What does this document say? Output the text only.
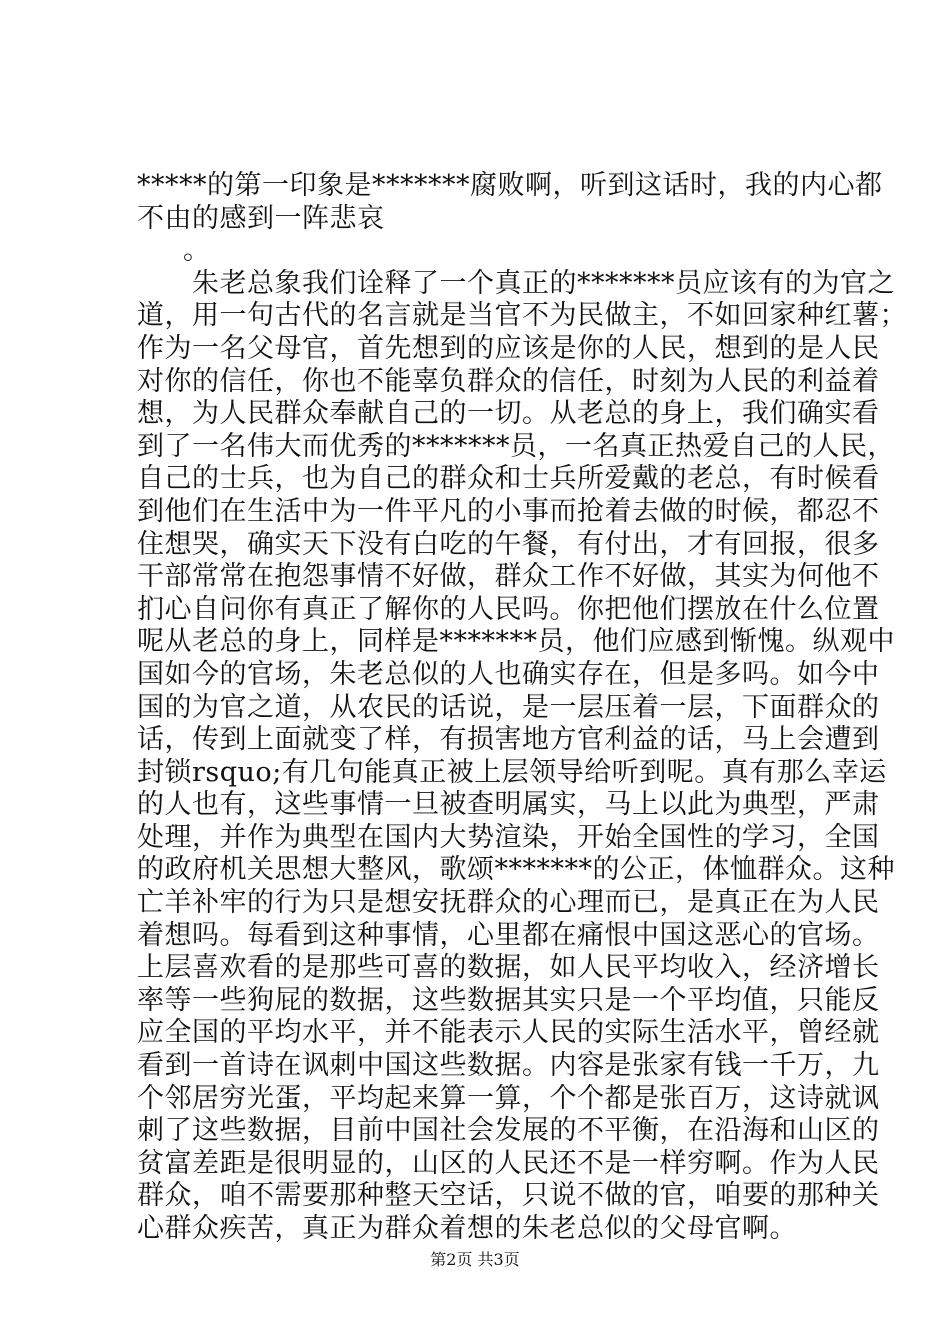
*****的第一印象是*******腐败啊，听到这话时，我的内心都
不由的感到一阵悲哀
。
　　朱老总象我们诠释了一个真正的*******员应该有的为官之
道，用一句古代的名言就是当官不为民做主，不如回家种红薯；
作为一名父母官，首先想到的应该是你的人民，想到的是人民
对你的信任，你也不能辜负群众的信任，时刻为人民的利益着
想，为人民群众奉献自己的一切。从老总的身上，我们确实看
到了一名伟大而优秀的*******员，一名真正热爱自己的人民，
自己的士兵，也为自己的群众和士兵所爱戴的老总，有时候看
到他们在生活中为一件平凡的小事而抢着去做的时候，都忍不
住想哭，确实天下没有白吃的午餐，有付出，才有回报，很多
干部常常在抱怨事情不好做，群众工作不好做，其实为何他不
扪心自问你有真正了解你的人民吗。你把他们摆放在什么位置
呢从老总的身上，同样是*******员，他们应感到惭愧。纵观中
国如今的官场，朱老总似的人也确实存在，但是多吗。如今中
国的为官之道，从农民的话说，是一层压着一层，下面群众的
话，传到上面就变了样，有损害地方官利益的话，马上会遭到
封锁rsquo;有几句能真正被上层领导给听到呢。真有那么幸运
的人也有，这些事情一旦被查明属实，马上以此为典型，严肃
处理，并作为典型在国内大势渲染，开始全国性的学习，全国
的政府机关思想大整风，歌颂*******的公正，体恤群众。这种
亡羊补牢的行为只是想安抚群众的心理而已，是真正在为人民
着想吗。每看到这种事情，心里都在痛恨中国这恶心的官场。
上层喜欢看的是那些可喜的数据，如人民平均收入，经济增长
率等一些狗屁的数据，这些数据其实只是一个平均值，只能反
应全国的平均水平，并不能表示人民的实际生活水平，曾经就
看到一首诗在讽刺中国这些数据。内容是张家有钱一千万，九
个邻居穷光蛋，平均起来算一算，个个都是张百万，这诗就讽
刺了这些数据，目前中国社会发展的不平衡，在沿海和山区的
贫富差距是很明显的，山区的人民还不是一样穷啊。作为人民
群众，咱不需要那种整天空话，只说不做的官，咱要的那种关
心群众疾苦，真正为群众着想的朱老总似的父母官啊。
第2页 共3页
